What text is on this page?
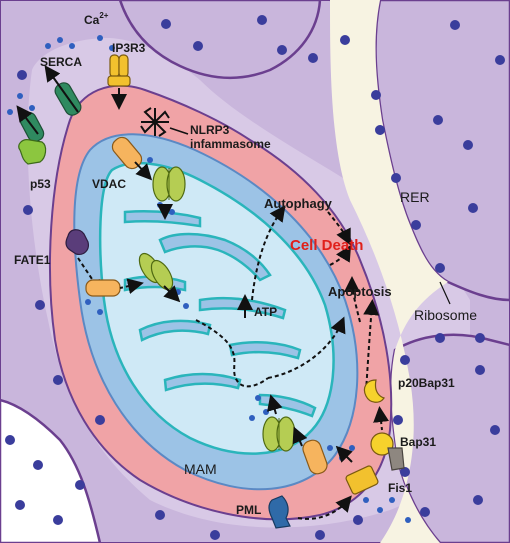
$Ca^{2+}$
IP3R3
SERCA
NLRP3 infammasome
p53	VDAC
FATE1
ATP
Autophagy
Cell Death
Apoptosis
RER
Ribosome
p20Bap31
Bap31
Fis1
MAM
PML
